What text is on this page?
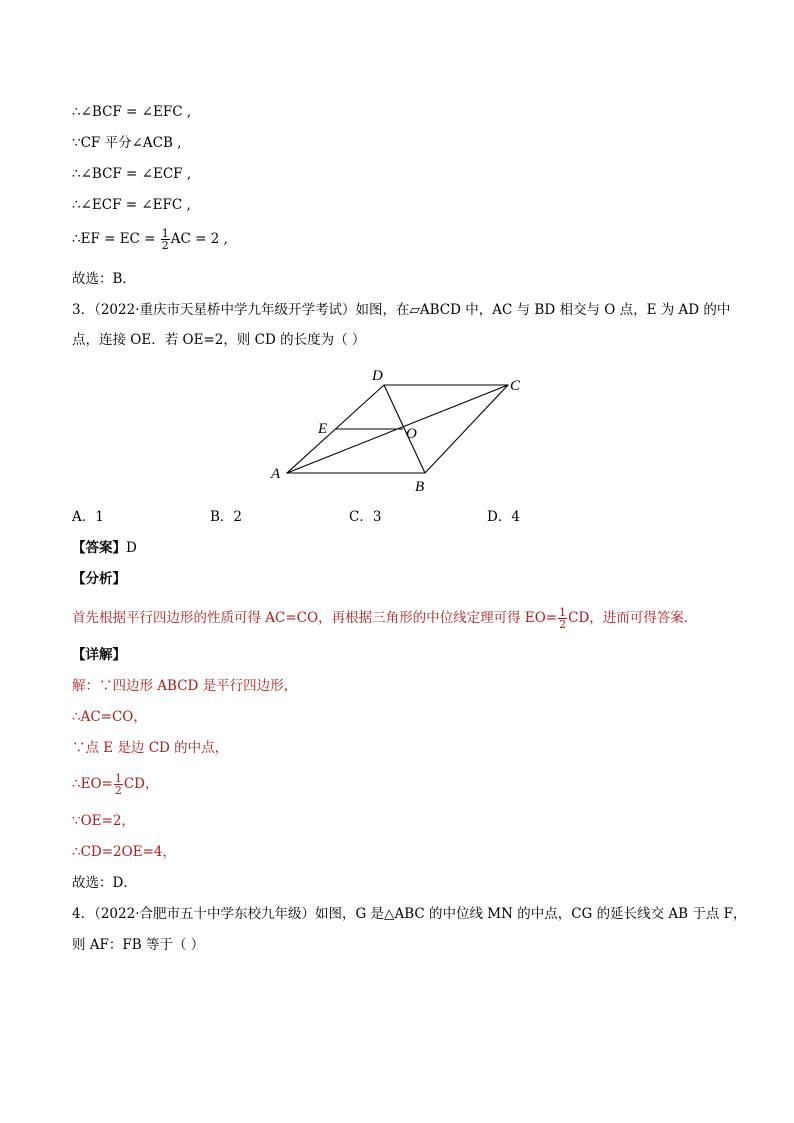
∴∠BCF = ∠EFC ,
∵CF 平分∠ACB ,
∴∠BCF = ∠ECF ,
∴∠ECF = ∠EFC ,
∴EF = EC = $\frac{1}{2}$ AC = 2 ,
故选：B．
3．（2022·重庆市天星桥中学九年级开学考试）如图，在▱ABCD 中，AC 与 BD 相交与 O 点，E 为 AD 的中
点，连接 OE．若 OE=2，则 CD 的长度为（ ）
D
C
E	O
A
B
A．1	B．2	C．3	D．4
【答案】D
【分析】
首先根据平行四边形的性质可得 AC=CO，再根据三角形的中位线定理可得 $EO= \frac{1}{2}$ CD，进而可得答案．
【详解】
解：∵四边形 ABCD 是平行四边形，
∴AC=CO，
∵点 E 是边 CD 的中点，
∴EO= $\frac{1}{2}$ CD，
∵OE=2，
∴CD=2OE=4，
故选：D．
4．（2022·合肥市五十中学东校九年级）如图，G 是△ABC 的中位线 MN 的中点，CG 的延长线交 AB 于点 F，
则 AF：FB 等于（ ）
